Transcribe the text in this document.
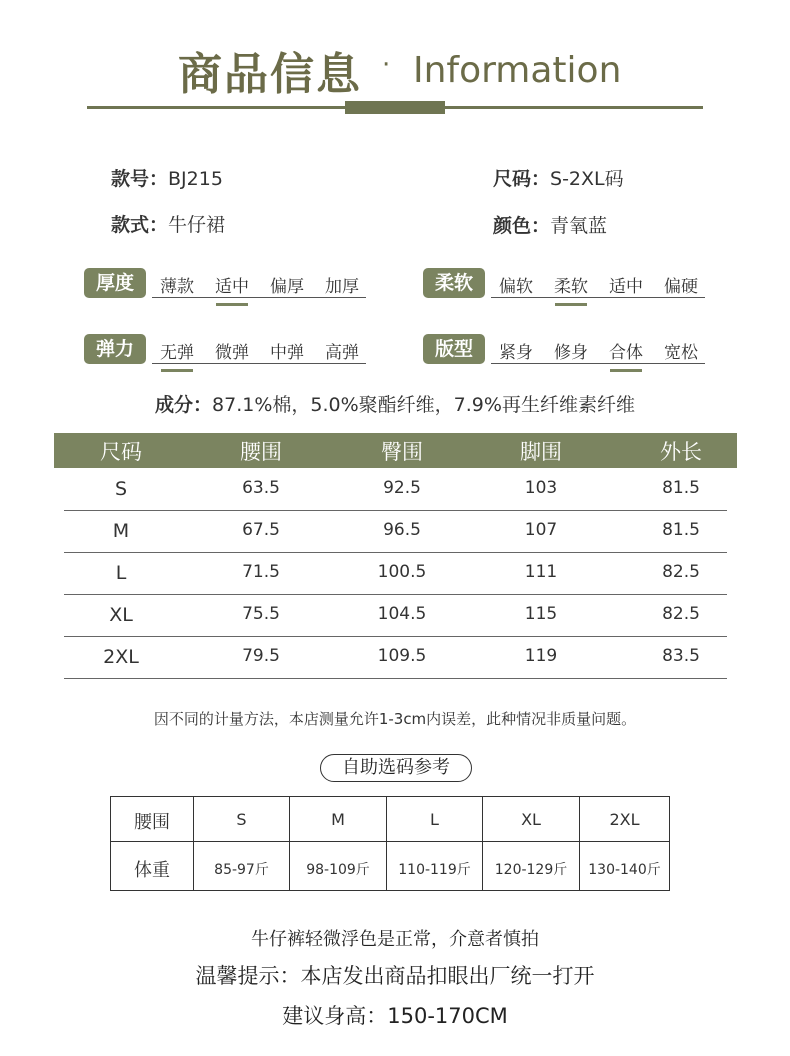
商品信息 · Information
款号：BJ215	尺码：S-2XL码
款式：牛仔裙	颜色：青氧蓝
厚度	薄款	适中	偏厚	加厚	柔软	偏软	柔软	适中	偏硬
弹力	无弹	微弹	中弹	高弹	版型	紧身	修身	合体	宽松
成分：87.1%棉，5.0%聚酯纤维，7.9%再生纤维素纤维
尺码	腰围	臀围	脚围	外长
S	63.5	92.5	103	81.5
M	67.5	96.5	107	81.5
L	71.5	100.5	111	82.5
XL	75.5	104.5	115	82.5
2XL	79.5	109.5	119	83.5
因不同的计量方法，本店测量允许1-3cm内误差，此种情况非质量问题。
自助选码参考
腰围	S	M	L	XL	2XL
体重	85-97斤	98-109斤	110-119斤	120-129斤	130-140斤
牛仔裤轻微浮色是正常，介意者慎拍
温馨提示：本店发出商品扣眼出厂统一打开
建议身高：150-170CM
